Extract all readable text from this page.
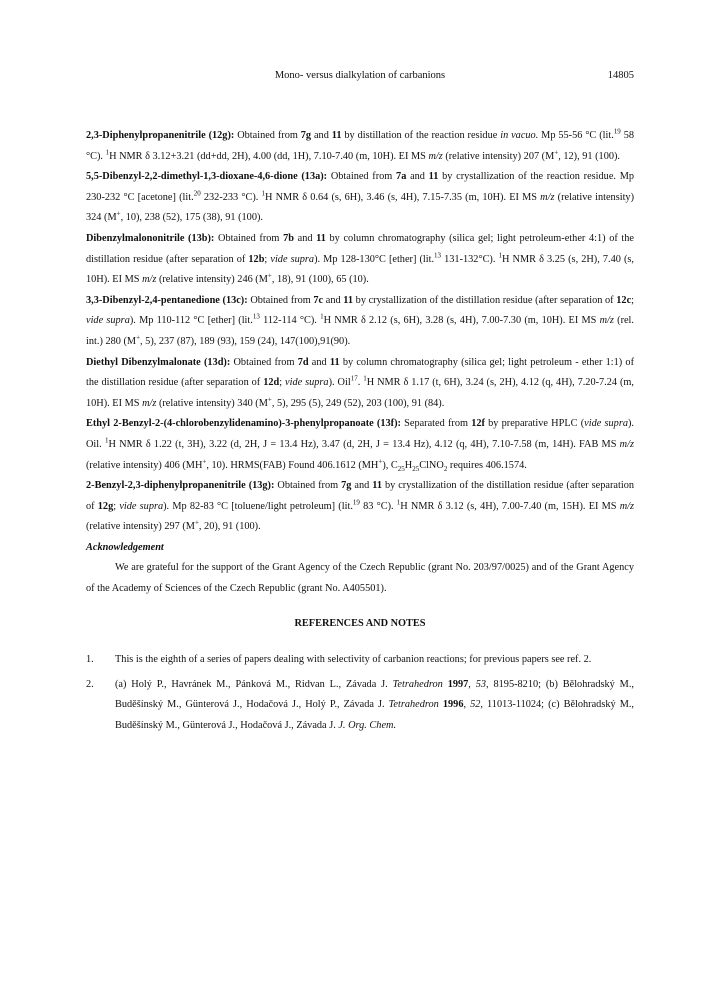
Mono- versus dialkylation of carbanions	14805

2,3-Diphenylpropanenitrile (12g): Obtained from 7g and 11 by distillation of the reaction residue in vacuo. Mp 55-56 °C (lit.$^{19}$ 58 °C). $^1$H NMR δ 3.12+3.21 (dd+dd, 2H), 4.00 (dd, 1H), 7.10-7.40 (m, 10H). EI MS m/z (relative intensity) 207 (M+, 12), 91 (100).

5,5-Dibenzyl-2,2-dimethyl-1,3-dioxane-4,6-dione (13a): Obtained from 7a and 11 by crystallization of the reaction residue. Mp 230-232 °C [acetone] (lit.$^{20}$ 232-233 °C). $^1$H NMR δ 0.64 (s, 6H), 3.46 (s, 4H), 7.15-7.35 (m, 10H). EI MS m/z (relative intensity) 324 (M+, 10), 238 (52), 175 (38), 91 (100).

Dibenzylmalononitrile (13b): Obtained from 7b and 11 by column chromatography (silica gel; light petroleum-ether 4:1) of the distillation residue (after separation of 12b; vide supra). Mp 128-130°C [ether] (lit.$^{13}$ 131-132°C). $^1$H NMR δ 3.25 (s, 2H), 7.40 (s, 10H). EI MS m/z (relative intensity) 246 (M+, 18), 91 (100), 65 (10).

3,3-Dibenzyl-2,4-pentanedione (13c): Obtained from 7c and 11 by crystallization of the distillation residue (after separation of 12c; vide supra). Mp 110-112 °C [ether] (lit.$^{13}$ 112-114 °C). $^1$H NMR δ 2.12 (s, 6H), 3.28 (s, 4H), 7.00-7.30 (m, 10H). EI MS m/z (rel. int.) 280 (M+, 5), 237 (87), 189 (93), 159 (24), 147(100),91(90).

Diethyl Dibenzylmalonate (13d): Obtained from 7d and 11 by column chromatography (silica gel; light petroleum - ether 1:1) of the distillation residue (after separation of 12d; vide supra). Oil$^{17}$. $^1$H NMR δ 1.17 (t, 6H), 3.24 (s, 2H), 4.12 (q, 4H), 7.20-7.24 (m, 10H). EI MS m/z (relative intensity) 340 (M+, 5), 295 (5), 249 (52), 203 (100), 91 (84).

Ethyl 2-Benzyl-2-(4-chlorobenzylidenamino)-3-phenylpropanoate (13f): Separated from 12f by preparative HPLC (vide supra). Oil. $^1$H NMR δ 1.22 (t, 3H), 3.22 (d, 2H, J = 13.4 Hz), 3.47 (d, 2H, J = 13.4 Hz), 4.12 (q, 4H), 7.10-7.58 (m, 14H). FAB MS m/z (relative intensity) 406 (MH+, 10). HRMS(FAB) Found 406.1612 (MH+), $C_{25}H_{25}ClNO_2$ requires 406.1574.

2-Benzyl-2,3-diphenylpropanenitrile (13g): Obtained from 7g and 11 by crystallization of the distillation residue (after separation of 12g; vide supra). Mp 82-83 °C [toluene/light petroleum] (lit.$^{19}$ 83 °C). $^1$H NMR δ 3.12 (s, 4H), 7.00-7.40 (m, 15H). EI MS m/z (relative intensity) 297 (M+, 20), 91 (100).

Acknowledgement

We are grateful for the support of the Grant Agency of the Czech Republic (grant No. 203/97/0025) and of the Grant Agency of the Academy of Sciences of the Czech Republic (grant No. A405501).

REFERENCES AND NOTES
1. This is the eighth of a series of papers dealing with selectivity of carbanion reactions; for previous papers see ref. 2.
2. (a) Holý P., Havránek M., Pánková M., Ridvan L., Závada J. Tetrahedron 1997, 53, 8195-8210; (b) Bělohradský M., Buděšínský M., Günterová J., Hodačová J., Holý P., Závada J. Tetrahedron 1996, 52, 11013-11024; (c) Bělohradský M., Buděšínský M., Günterová J., Hodačová J., Závada J. J. Org. Chem.
